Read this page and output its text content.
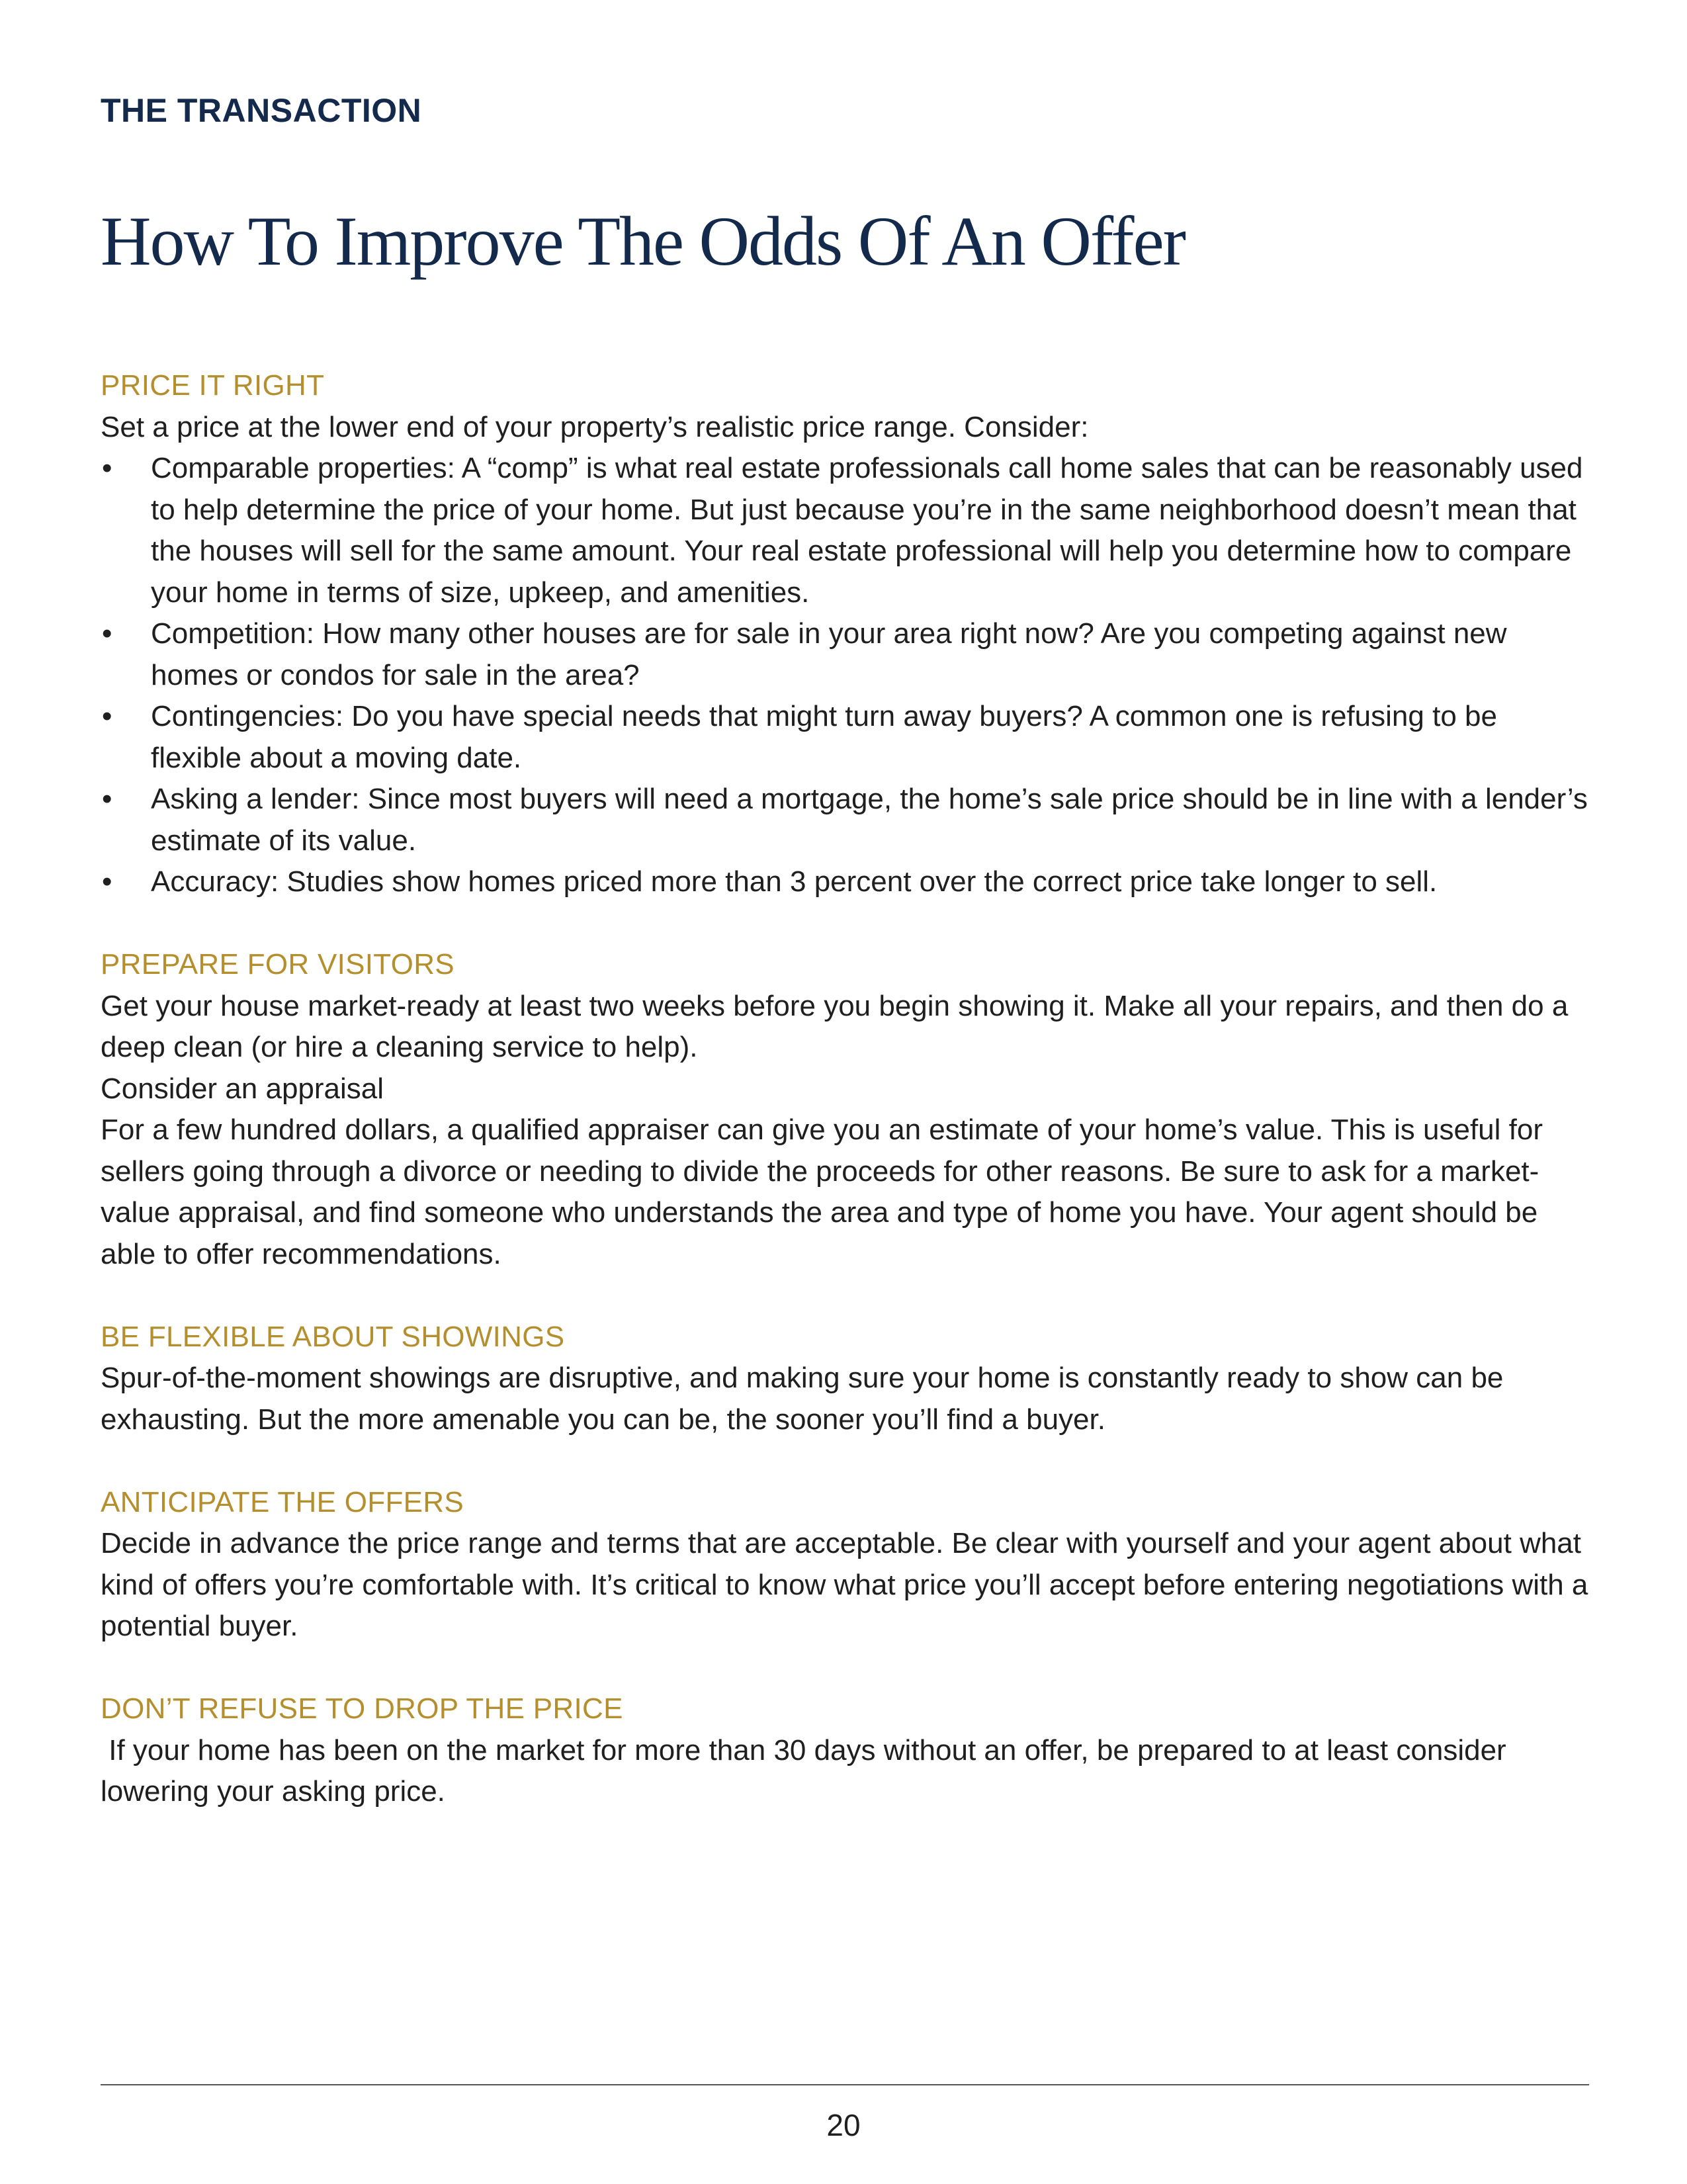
THE TRANSACTION
How To Improve The Odds Of An Offer
PRICE IT RIGHT

Set a price at the lower end of your property’s realistic price range. Consider:

• Comparable properties: A “comp” is what real estate professionals call home sales that can be reasonably used to help determine the price of your home. But just because you’re in the same neighborhood doesn’t mean that the houses will sell for the same amount. Your real estate professional will help you determine how to compare your home in terms of size, upkeep, and amenities.
• Competition: How many other houses are for sale in your area right now? Are you competing against new homes or condos for sale in the area?
• Contingencies: Do you have special needs that might turn away buyers? A common one is refusing to be flexible about a moving date.
• Asking a lender: Since most buyers will need a mortgage, the home’s sale price should be in line with a lender’s estimate of its value.
• Accuracy: Studies show homes priced more than 3 percent over the correct price take longer to sell.
PREPARE FOR VISITORS

Get your house market-ready at least two weeks before you begin showing it. Make all your repairs, and then do a deep clean (or hire a cleaning service to help).

Consider an appraisal

For a few hundred dollars, a qualified appraiser can give you an estimate of your home’s value. This is useful for sellers going through a divorce or needing to divide the proceeds for other reasons. Be sure to ask for a market-value appraisal, and find someone who understands the area and type of home you have. Your agent should be able to offer recommendations.

BE FLEXIBLE ABOUT SHOWINGS

Spur-of-the-moment showings are disruptive, and making sure your home is constantly ready to show can be exhausting. But the more amenable you can be, the sooner you’ll find a buyer.

ANTICIPATE THE OFFERS

Decide in advance the price range and terms that are acceptable. Be clear with yourself and your agent about what kind of offers you’re comfortable with. It’s critical to know what price you’ll accept before entering negotiations with a potential buyer.

DON’T REFUSE TO DROP THE PRICE

If your home has been on the market for more than 30 days without an offer, be prepared to at least consider lowering your asking price.

20
